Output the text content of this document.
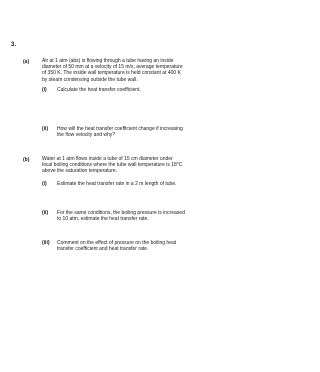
3.
(a)	Air at 1 atm (abs) is flowing through a tube having an inside
diameter of 50 mm at a velocity of 15 m/s, average temperature
of 350 K. The inside wall temperature is held constant at 400 K
by steam condensing outside the tube wall.
(i) Calculate the heat transfer coefficient.
(ii) How will the heat transfer coefficient change if increasing
the flow velocity and why?
(b)	Water at 1 atm flows inside a tube of 15 cm diameter under
local boiling conditions where the tube wall temperature is 18°C
above the saturation temperature.
(i) Estimate the heat transfer rate in a 2 m length of tube.
(ii) For the same conditions, the boiling pressure is increased
to 10 atm, estimate the heat transfer rate.
(iii) Comment on the effect of pressure on the boiling heat
transfer coefficient and heat transfer rate.
